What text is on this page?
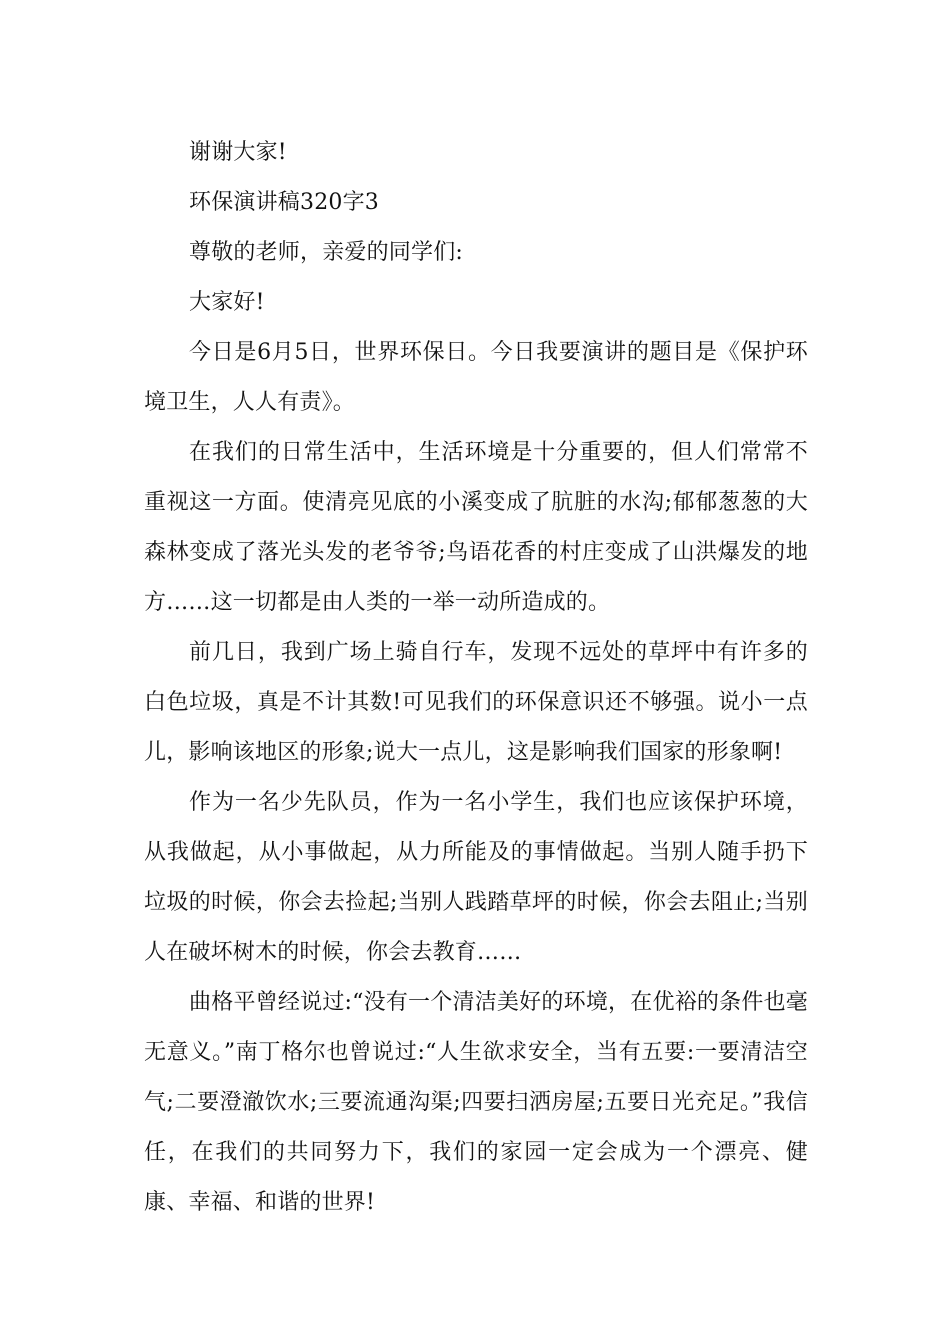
谢谢大家!

环保演讲稿320字3

尊敬的老师，亲爱的同学们:

大家好!

今日是6月5日，世界环保日。今日我要演讲的题目是《保护环境卫生，人人有责》。

在我们的日常生活中，生活环境是十分重要的，但人们常常不重视这一方面。使清亮见底的小溪变成了肮脏的水沟;郁郁葱葱的大森林变成了落光头发的老爷爷;鸟语花香的村庄变成了山洪爆发的地方……这一切都是由人类的一举一动所造成的。

前几日，我到广场上骑自行车，发现不远处的草坪中有许多的白色垃圾，真是不计其数!可见我们的环保意识还不够强。说小一点儿，影响该地区的形象;说大一点儿，这是影响我们国家的形象啊!

作为一名少先队员，作为一名小学生，我们也应该保护环境，从我做起，从小事做起，从力所能及的事情做起。当别人随手扔下垃圾的时候，你会去捡起;当别人践踏草坪的时候，你会去阻止;当别人在破坏树木的时候，你会去教育……

曲格平曾经说过:“没有一个清洁美好的环境，在优裕的条件也毫无意义。”南丁格尔也曾说过:“人生欲求安全，当有五要:一要清洁空气;二要澄澈饮水;三要流通沟渠;四要扫洒房屋;五要日光充足。”我信任，在我们的共同努力下，我们的家园一定会成为一个漂亮、健康、幸福、和谐的世界!
